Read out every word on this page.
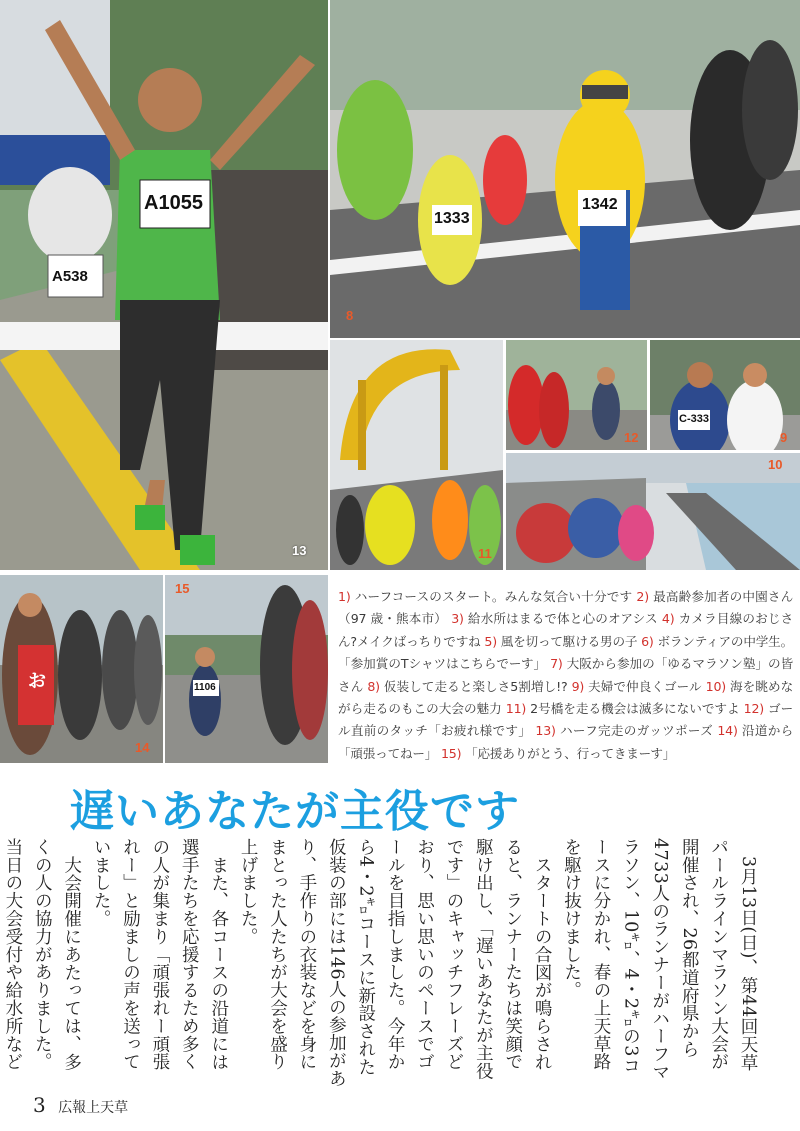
A1055
A538
13
1333
1342
8
11
12
C-333
9
10
お
14
1106
15
1) ハーフコースのスタート。みんな気合い十分です 2) 最高齢参加者の中園さん（97 歳・熊本市） 3) 給水所はまるで体と心のオアシス 4) カメラ目線のおじさん?メイクばっちりですね 5) 風を切って駆ける男の子 6) ボランティアの中学生。「参加賞のTシャツはこちらでーす」 7) 大阪から参加の「ゆるマラソン塾」の皆さん 8) 仮装して走ると楽しさ5割増し!? 9) 夫婦で仲良くゴール 10) 海を眺めながら走るのもこの大会の魅力 11) 2号橋を走る機会は滅多にないですよ 12) ゴール直前のタッチ「お疲れ様です」 13) ハーフ完走のガッツポーズ 14) 沿道から「頑張ってねー」 15) 「応援ありがとう、行ってきまーす」
遅いあなたが主役です

3月13日(日)、第44回天草パールラインマラソン大会が開催され、26都道府県から4733人のランナーがハーフマラソン、10㌔、4・2㌔の3コースに分かれ、春の上天草路を駆け抜けました。

スタートの合図が鳴らされると、ランナーたちは笑顔で駆け出し、「遅いあなたが主役です」のキャッチフレーズどおり、思い思いのペースでゴールを目指しました。今年から4・2㌔コースに新設された仮装の部には146人の参加があり、手作りの衣装などを身にまとった人たちが大会を盛り上げました。

また、各コースの沿道には選手たちを応援するため多くの人が集まり「頑張れー頑張れー」と励ましの声を送っていました。

大会開催にあたっては、多くの人の協力がありました。当日の大会受付や給水所など

3 広報上天草
